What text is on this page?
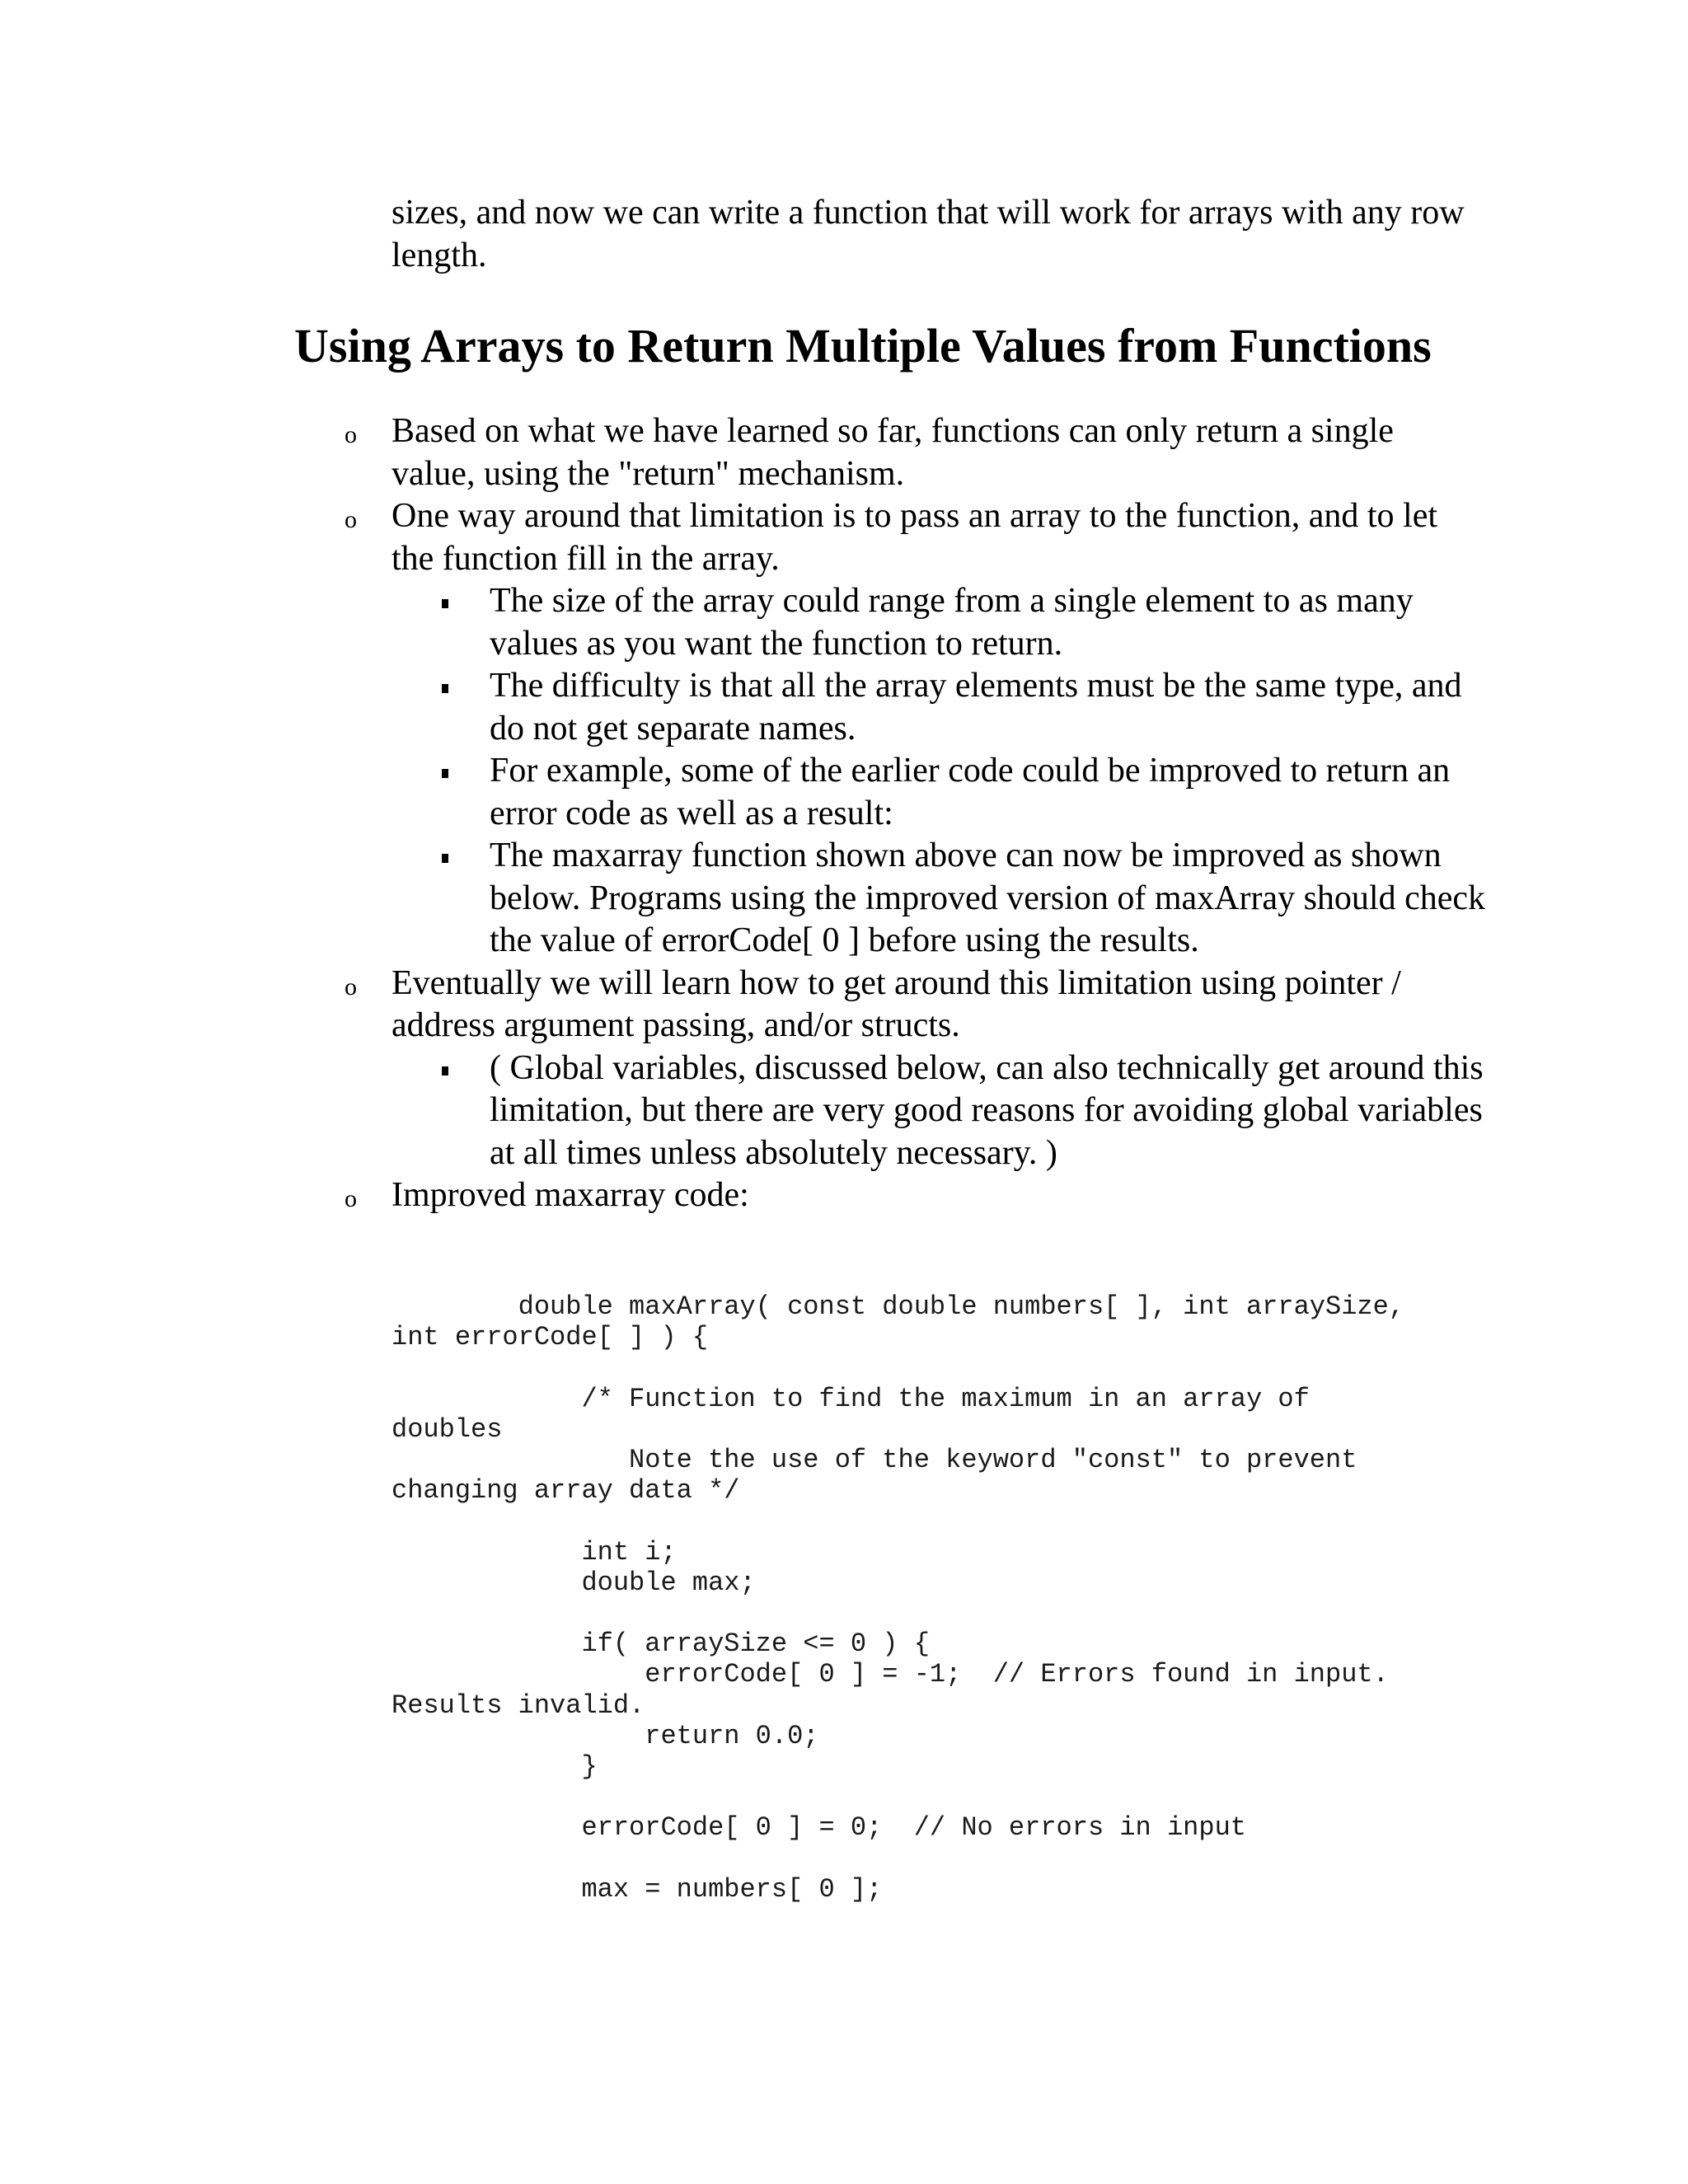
sizes, and now we can write a function that will work for arrays with any row length.

Using Arrays to Return Multiple Values from Functions
o Based on what we have learned so far, functions can only return a single value, using the "return" mechanism.
o One way around that limitation is to pass an array to the function, and to let the function fill in the array.
The size of the array could range from a single element to as many values as you want the function to return.
The difficulty is that all the array elements must be the same type, and do not get separate names.
For example, some of the earlier code could be improved to return an error code as well as a result:
The maxarray function shown above can now be improved as shown below. Programs using the improved version of maxArray should check the value of errorCode[ 0 ] before using the results.
o Eventually we will learn how to get around this limitation using pointer / address argument passing, and/or structs.
( Global variables, discussed below, can also technically get around this limitation, but there are very good reasons for avoiding global variables at all times unless absolutely necessary. )
o Improved maxarray code:
double maxArray( const double numbers[ ], int arraySize,
int errorCode[ ] ) {

/* Function to find the maximum in an array of
doubles
Note the use of the keyword "const" to prevent
changing array data */

int i;
double max;

if( arraySize <= 0 ) {
errorCode[ 0 ] = -1;  // Errors found in input.
Results invalid.
return 0.0;
}

errorCode[ 0 ] = 0;  // No errors in input

max = numbers[ 0 ];
